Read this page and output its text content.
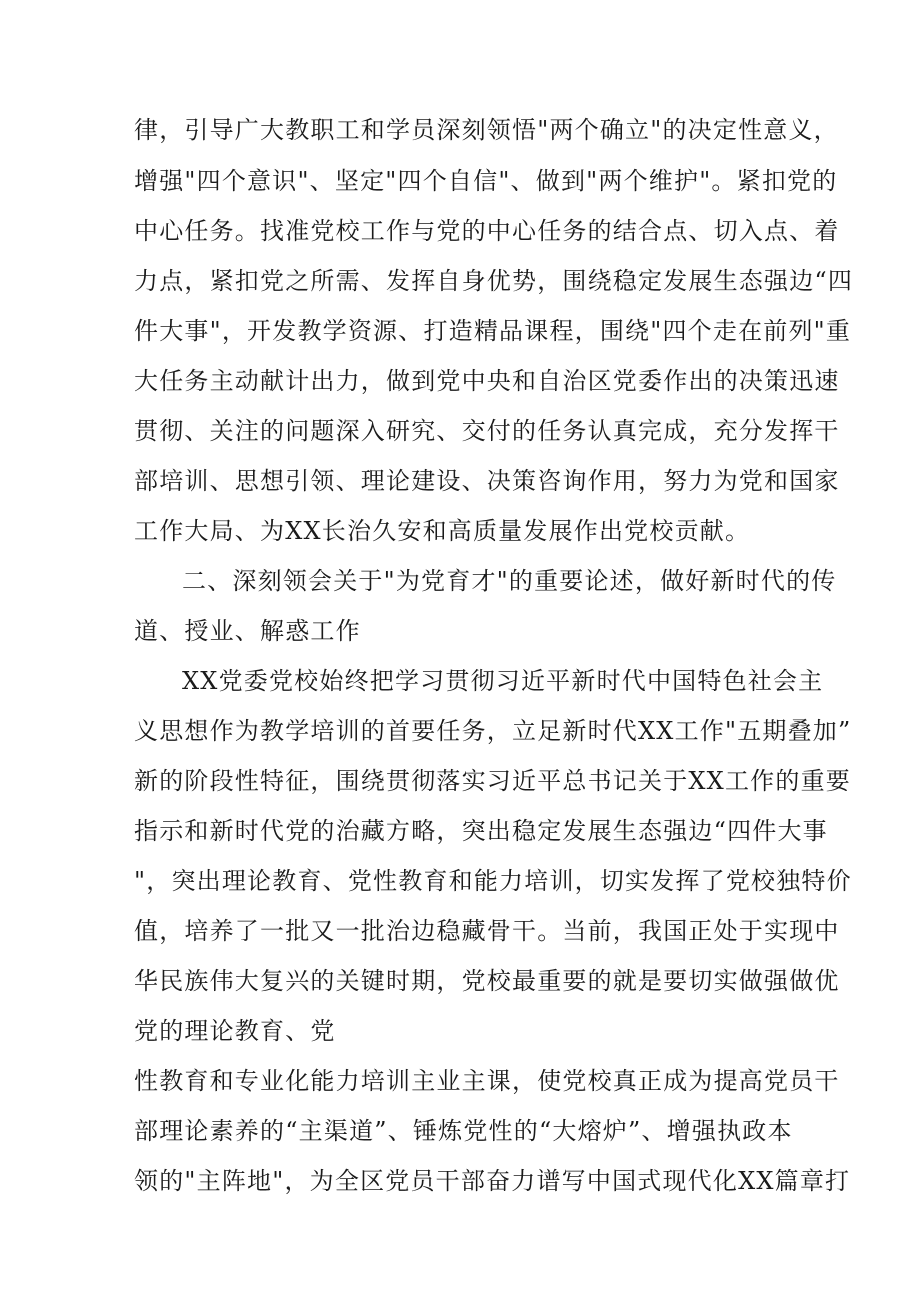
律，引导广大教职工和学员深刻领悟"两个确立"的决定性意义，
增强"四个意识"、坚定"四个自信"、做到"两个维护"。紧扣党的
中心任务。找准党校工作与党的中心任务的结合点、切入点、着
力点，紧扣党之所需、发挥自身优势，围绕稳定发展生态强边“四
件大事"，开发教学资源、打造精品课程，围绕"四个走在前列"重
大任务主动献计出力，做到党中央和自治区党委作出的决策迅速
贯彻、关注的问题深入研究、交付的任务认真完成，充分发挥干
部培训、思想引领、理论建设、决策咨询作用，努力为党和国家
工作大局、为XX长治久安和高质量发展作出党校贡献。
二、深刻领会关于"为党育才"的重要论述，做好新时代的传
道、授业、解惑工作
XX党委党校始终把学习贯彻习近平新时代中国特色社会主
义思想作为教学培训的首要任务，立足新时代XX工作"五期叠加”
新的阶段性特征，围绕贯彻落实习近平总书记关于XX工作的重要
指示和新时代党的治藏方略，突出稳定发展生态强边“四件大事
"，突出理论教育、党性教育和能力培训，切实发挥了党校独特价
值，培养了一批又一批治边稳藏骨干。当前，我国正处于实现中
华民族伟大复兴的关键时期，党校最重要的就是要切实做强做优
党的理论教育、党
性教育和专业化能力培训主业主课，使党校真正成为提高党员干
部理论素养的“主渠道”、锤炼党性的“大熔炉”、增强执政本
领的"主阵地"，为全区党员干部奋力谱写中国式现代化XX篇章打
